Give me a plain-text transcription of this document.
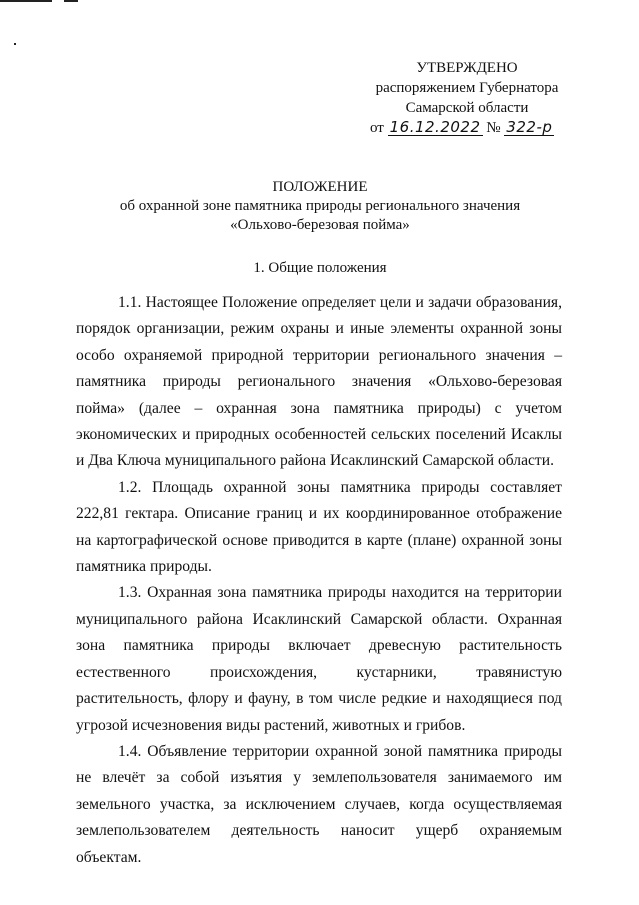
УТВЕРЖДЕНО
распоряжением Губернатора
Самарской области
от 16.12.2022 № 322-р
ПОЛОЖЕНИЕ
об охранной зоне памятника природы регионального значения
«Ольхово-березовая пойма»
1. Общие положения

1.1. Настоящее Положение определяет цели и задачи образования, порядок организации, режим охраны и иные элементы охранной зоны особо охраняемой природной территории регионального значения – памятника природы регионального значения «Ольхово-березовая пойма» (далее – охранная зона памятника природы) с учетом экономических и природных особенностей сельских поселений Исаклы и Два Ключа муниципального района Исаклинский Самарской области.

1.2. Площадь охранной зоны памятника природы составляет 222,81 гектара. Описание границ и их координированное отображение на картографической основе приводится в карте (плане) охранной зоны памятника природы.

1.3. Охранная зона памятника природы находится на территории муниципального района Исаклинский Самарской области. Охранная зона памятника природы включает древесную растительность естественного происхождения, кустарники, травянистую растительность, флору и фауну, в том числе редкие и находящиеся под угрозой исчезновения виды растений, животных и грибов.

1.4. Объявление территории охранной зоной памятника природы не влечёт за собой изъятия у землепользователя занимаемого им земельного участка, за исключением случаев, когда осуществляемая землепользователем деятельность наносит ущерб охраняемым объектам.
